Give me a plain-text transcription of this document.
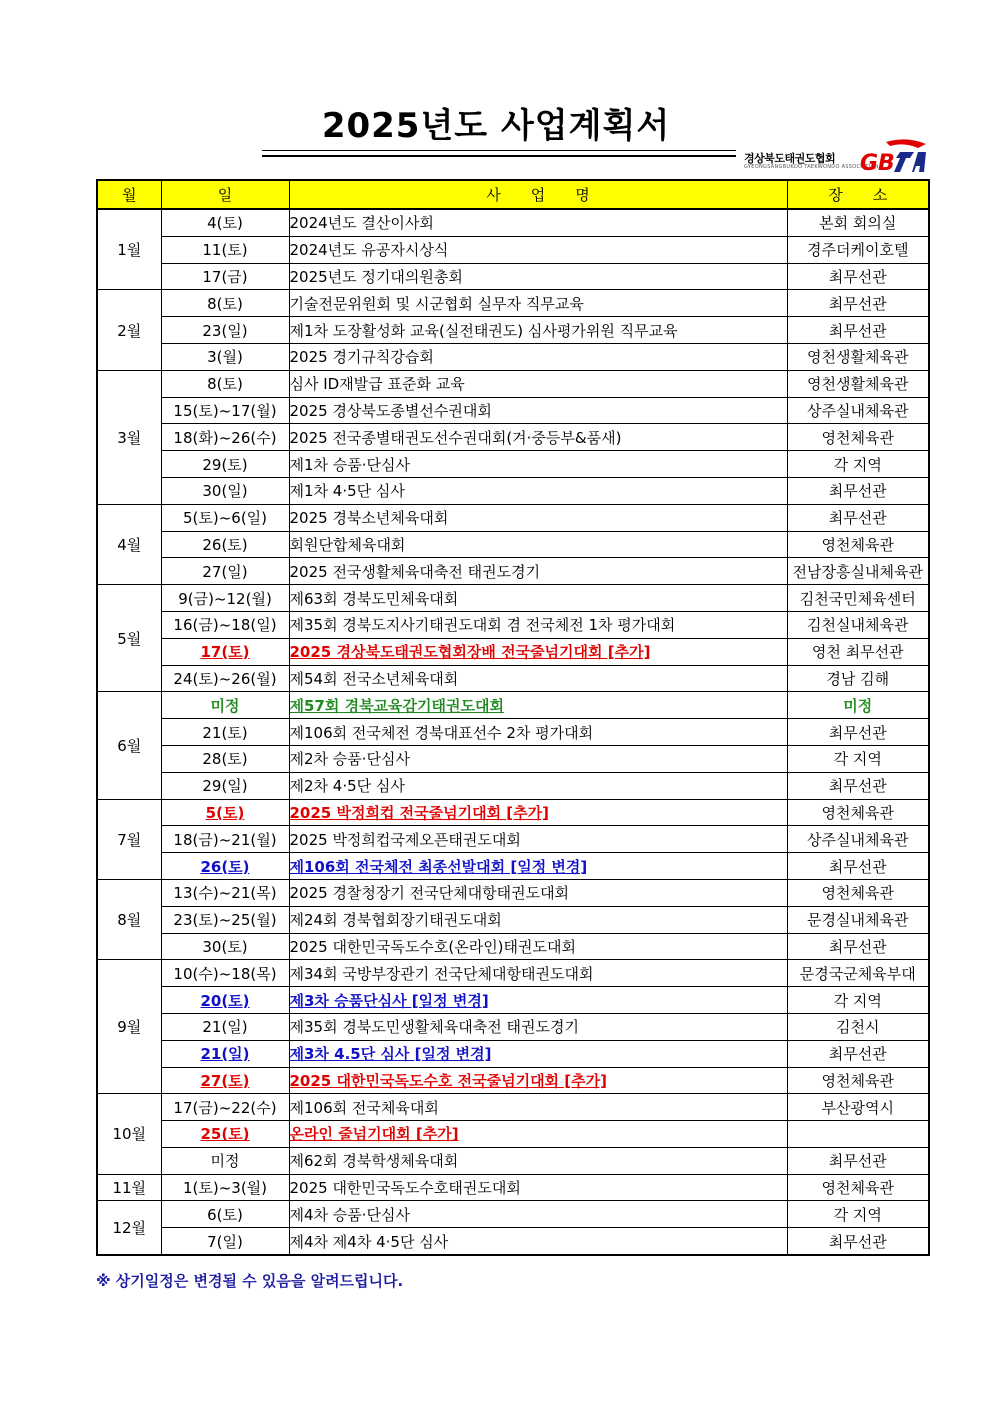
2025년도 사업계획서
경상북도태권도협회
GYEONGSANGBUKDO TAEKWONDO ASSOCIATION
GB
월	일	사　　업　　명	장　　소
1월	4(토)	2024년도 결산이사회	본회 회의실
	11(토)	2024년도 유공자시상식	경주더케이호텔
	17(금)	2025년도 정기대의원총회	최무선관
2월	8(토)	기술전문위원회 및 시군협회 실무자 직무교육	최무선관
	23(일)	제1차 도장활성화 교육(실전태권도) 심사평가위원 직무교육	최무선관
	3(월)	2025 경기규칙강습회	영천생활체육관
3월	8(토)	심사 ID재발급 표준화 교육	영천생활체육관
	15(토)~17(월)	2025 경상북도종별선수권대회	상주실내체육관
	18(화)~26(수)	2025 전국종별태권도선수권대회(겨·중등부&품새)	영천체육관
	29(토)	제1차 승품·단심사	각 지역
	30(일)	제1차 4·5단 심사	최무선관
4월	5(토)~6(일)	2025 경북소년체육대회	최무선관
	26(토)	회원단합체육대회	영천체육관
	27(일)	2025 전국생활체육대축전 태권도경기	전남장흥실내체육관
5월	9(금)~12(월)	제63회 경북도민체육대회	김천국민체육센터
	16(금)~18(일)	제35회 경북도지사기태권도대회 겸 전국체전 1차 평가대회	김천실내체육관
	17(토)	2025 경상북도태권도협회장배 전국줄넘기대회 [추가]	영천 최무선관
	24(토)~26(월)	제54회 전국소년체육대회	경남 김해
6월	미정	제57회 경북교육감기태권도대회	미정
	21(토)	제106회 전국체전 경북대표선수 2차 평가대회	최무선관
	28(토)	제2차 승품·단심사	각 지역
	29(일)	제2차 4·5단 심사	최무선관
7월	5(토)	2025 박정희컵 전국줄넘기대회 [추가]	영천체육관
	18(금)~21(월)	2025 박정희컵국제오픈태권도대회	상주실내체육관
	26(토)	제106회 전국체전 최종선발대회 [일정 변경]	최무선관
8월	13(수)~21(목)	2025 경찰청장기 전국단체대항태권도대회	영천체육관
	23(토)~25(월)	제24회 경북협회장기태권도대회	문경실내체육관
	30(토)	2025 대한민국독도수호(온라인)태권도대회	최무선관
9월	10(수)~18(목)	제34회 국방부장관기 전국단체대항태권도대회	문경국군체육부대
	20(토)	제3차 승품단심사 [일정 변경]	각 지역
	21(일)	제35회 경북도민생활체육대축전 태권도경기	김천시
	21(일)	제3차 4.5단 심사 [일정 변경]	최무선관
	27(토)	2025 대한민국독도수호 전국줄넘기대회 [추가]	영천체육관
10월	17(금)~22(수)	제106회 전국체육대회	부산광역시
	25(토)	온라인 줄넘기대회 [추가]	
	미정	제62회 경북학생체육대회	최무선관
11월	1(토)~3(월)	2025 대한민국독도수호태권도대회	영천체육관
12월	6(토)	제4차 승품·단심사	각 지역
	7(일)	제4차 제4차 4·5단 심사	최무선관
※ 상기일정은 변경될 수 있음을 알려드립니다.
